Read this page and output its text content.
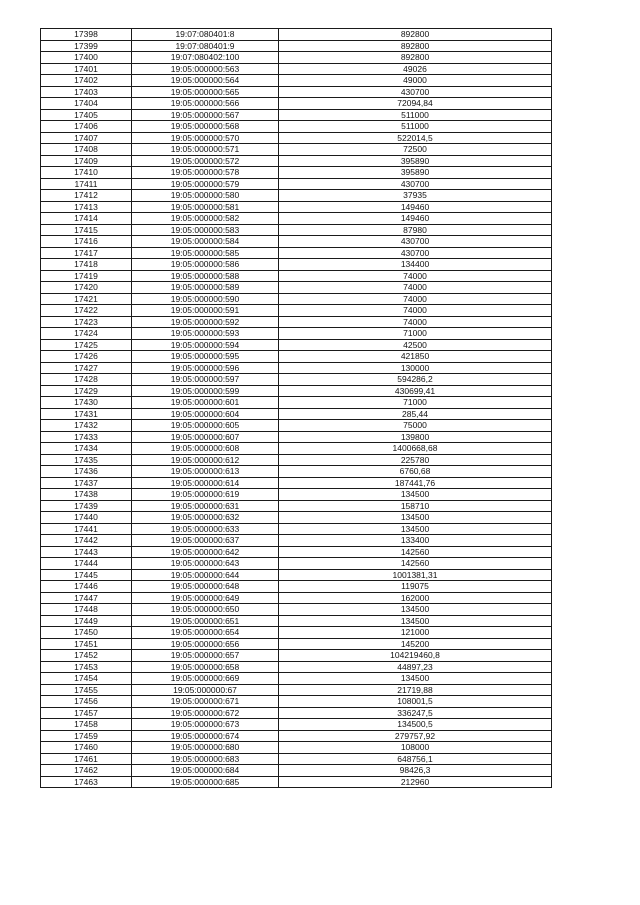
17398	19:07:080401:8	892800
17399	19:07:080401:9	892800
17400	19:07:080402:100	892800
17401	19:05:000000:563	49026
17402	19:05:000000:564	49000
17403	19:05:000000:565	430700
17404	19:05:000000:566	72094,84
17405	19:05:000000:567	511000
17406	19:05:000000:568	511000
17407	19:05:000000:570	522014,5
17408	19:05:000000:571	72500
17409	19:05:000000:572	395890
17410	19:05:000000:578	395890
17411	19:05:000000:579	430700
17412	19:05:000000:580	37935
17413	19:05:000000:581	149460
17414	19:05:000000:582	149460
17415	19:05:000000:583	87980
17416	19:05:000000:584	430700
17417	19:05:000000:585	430700
17418	19:05:000000:586	134400
17419	19:05:000000:588	74000
17420	19:05:000000:589	74000
17421	19:05:000000:590	74000
17422	19:05:000000:591	74000
17423	19:05:000000:592	74000
17424	19:05:000000:593	71000
17425	19:05:000000:594	42500
17426	19:05:000000:595	421850
17427	19:05:000000:596	130000
17428	19:05:000000:597	594286,2
17429	19:05:000000:599	430699,41
17430	19:05:000000:601	71000
17431	19:05:000000:604	285,44
17432	19:05:000000:605	75000
17433	19:05:000000:607	139800
17434	19:05:000000:608	1400668,68
17435	19:05:000000:612	225780
17436	19:05:000000:613	6760,68
17437	19:05:000000:614	187441,76
17438	19:05:000000:619	134500
17439	19:05:000000:631	158710
17440	19:05:000000:632	134500
17441	19:05:000000:633	134500
17442	19:05:000000:637	133400
17443	19:05:000000:642	142560
17444	19:05:000000:643	142560
17445	19:05:000000:644	1001381,31
17446	19:05:000000:648	119075
17447	19:05:000000:649	162000
17448	19:05:000000:650	134500
17449	19:05:000000:651	134500
17450	19:05:000000:654	121000
17451	19:05:000000:656	145200
17452	19:05:000000:657	104219460,8
17453	19:05:000000:658	44897,23
17454	19:05:000000:669	134500
17455	19:05:000000:67	21719,88
17456	19:05:000000:671	108001,5
17457	19:05:000000:672	336247,5
17458	19:05:000000:673	134500,5
17459	19:05:000000:674	279757,92
17460	19:05:000000:680	108000
17461	19:05:000000:683	648756,1
17462	19:05:000000:684	98426,3
17463	19:05:000000:685	212960
